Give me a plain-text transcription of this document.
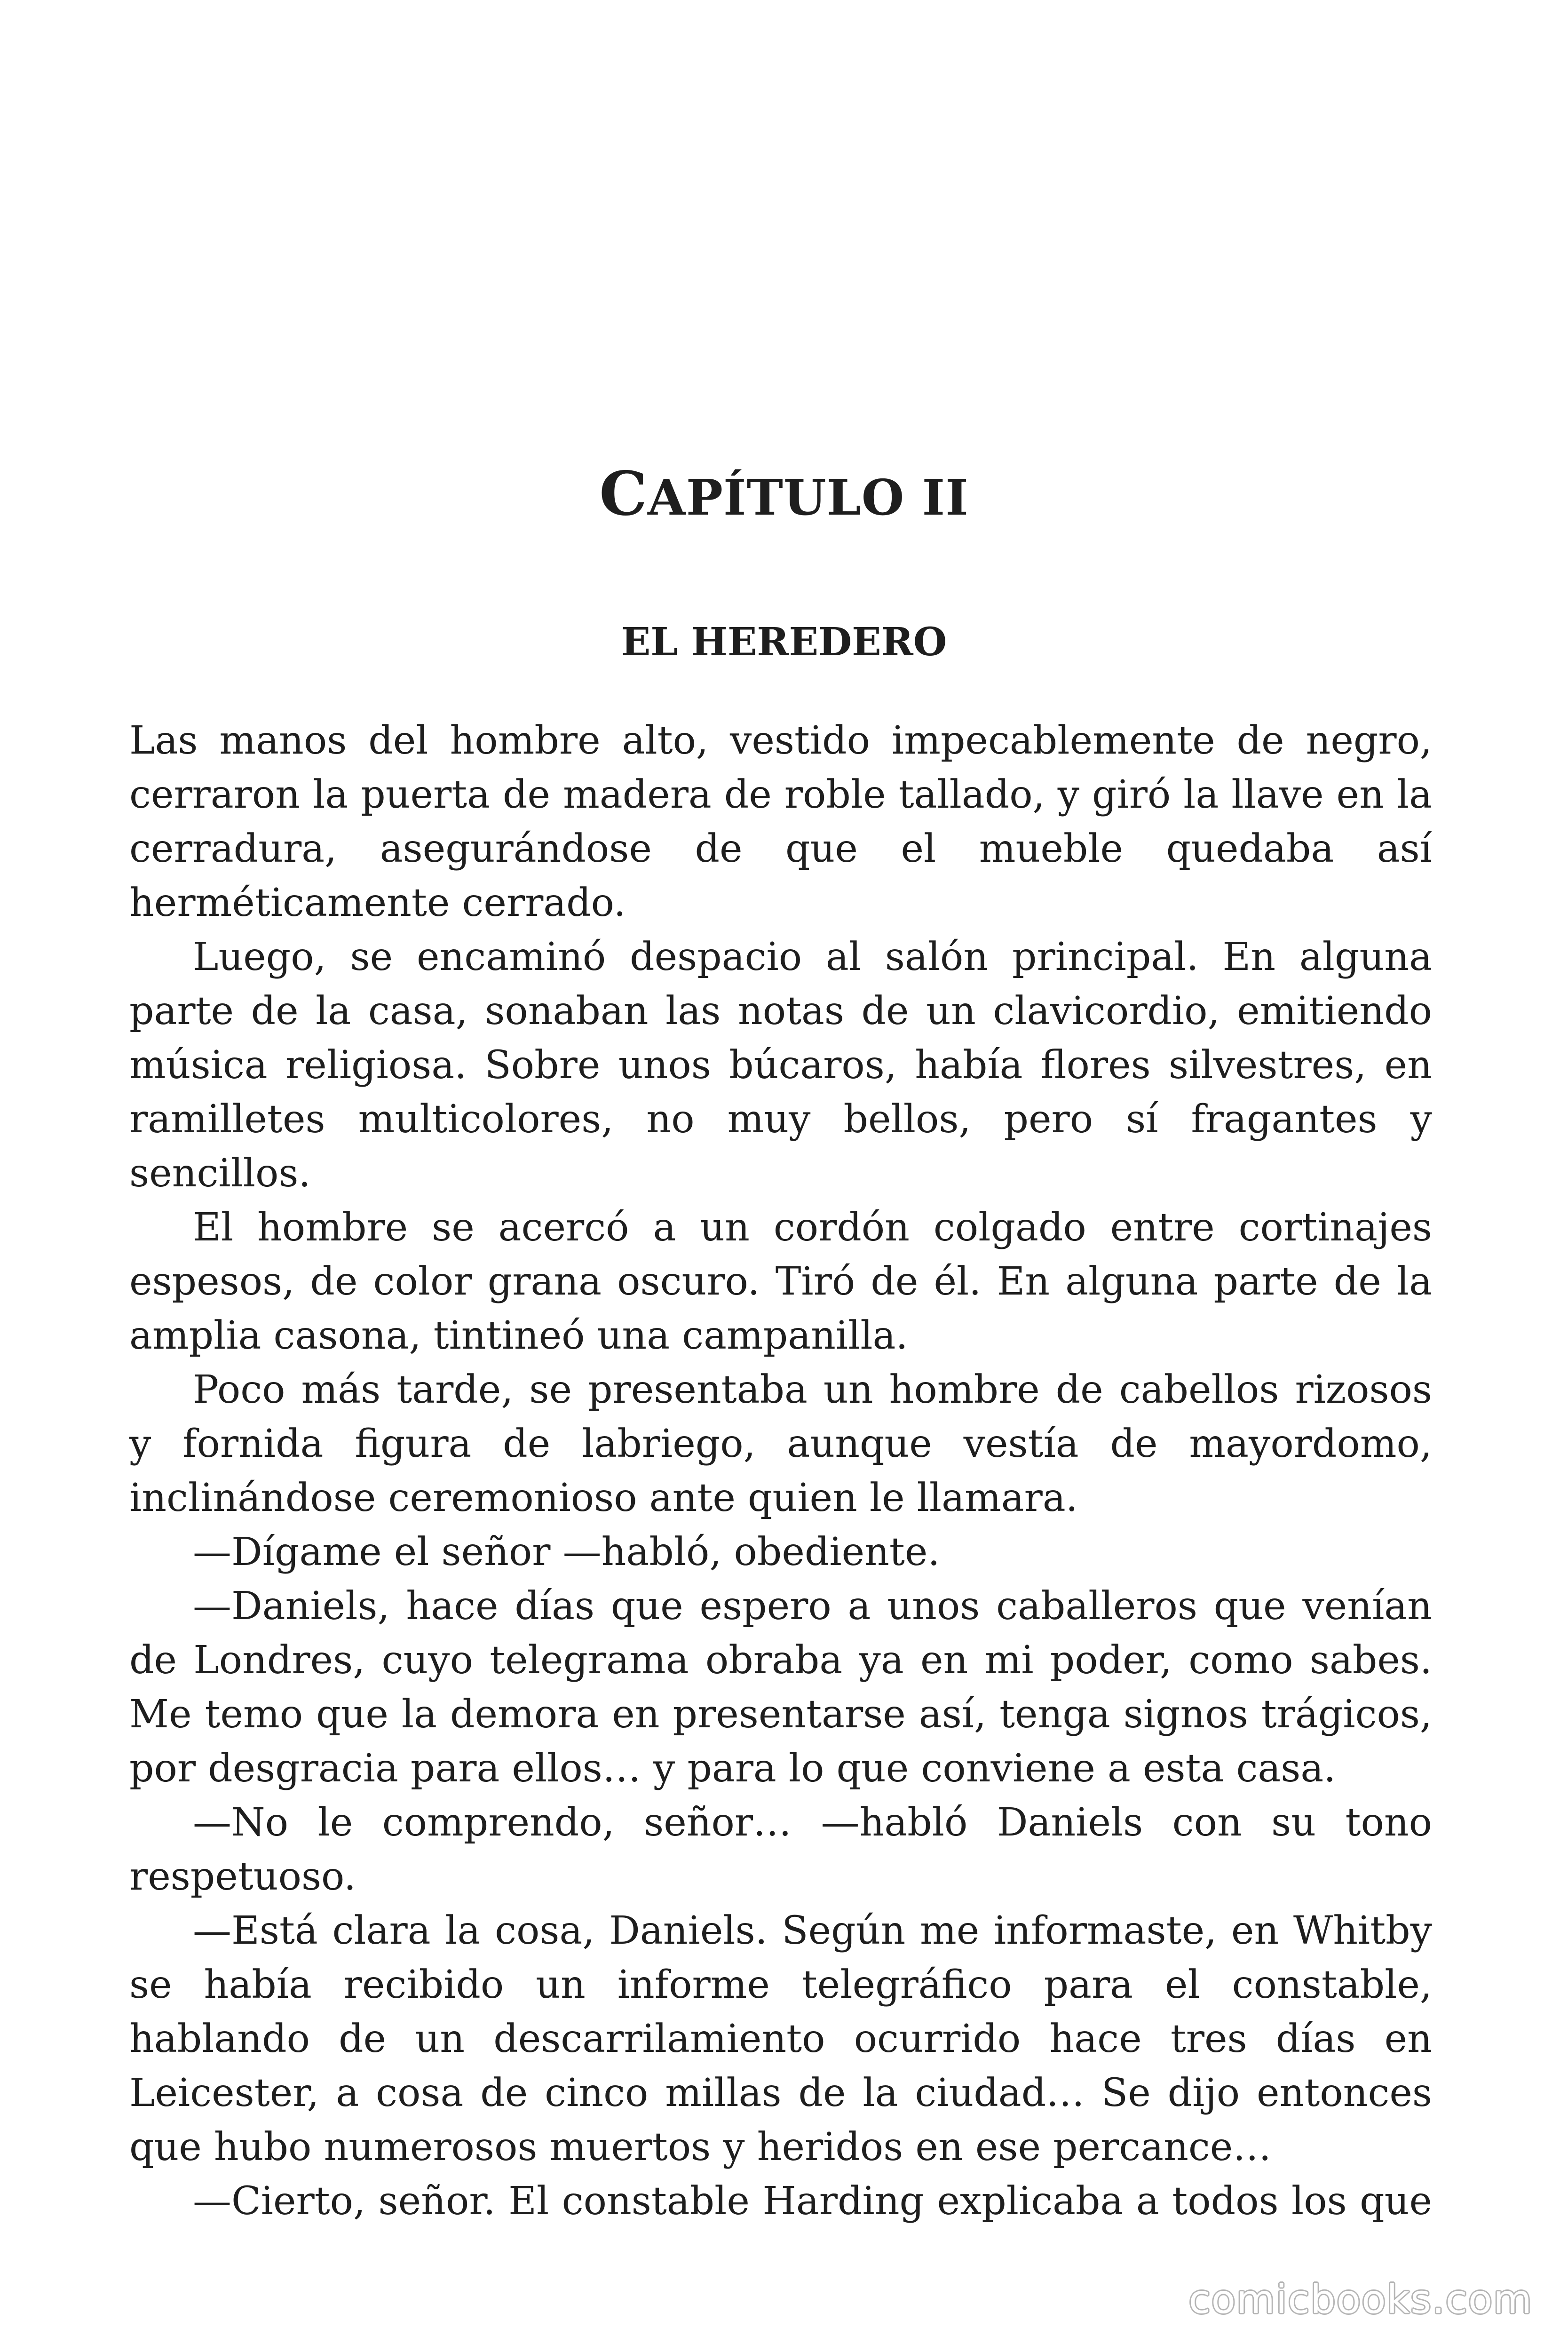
CAPÍTULO II
EL HEREDERO

Las manos del hombre alto, vestido impecablemente de negro, cerraron la puerta de madera de roble tallado, y giró la llave en la cerradura, asegurándose de que el mueble quedaba así herméticamente cerrado.

Luego, se encaminó despacio al salón principal. En alguna parte de la casa, sonaban las notas de un clavicordio, emitiendo música religiosa. Sobre unos búcaros, había flores silvestres, en ramilletes multicolores, no muy bellos, pero sí fragantes y sencillos.

El hombre se acercó a un cordón colgado entre cortinajes espesos, de color grana oscuro. Tiró de él. En alguna parte de la amplia casona, tintineó una campanilla.

Poco más tarde, se presentaba un hombre de cabellos rizosos y fornida figura de labriego, aunque vestía de mayordomo, inclinándose ceremonioso ante quien le llamara.

—Dígame el señor —habló, obediente.

—Daniels, hace días que espero a unos caballeros que venían de Londres, cuyo telegrama obraba ya en mi poder, como sabes. Me temo que la demora en presentarse así, tenga signos trágicos, por desgracia para ellos… y para lo que conviene a esta casa.

—No le comprendo, señor… —habló Daniels con su tono respetuoso.

—Está clara la cosa, Daniels. Según me informaste, en Whitby se había recibido un informe telegráfico para el constable, hablando de un descarrilamiento ocurrido hace tres días en Leicester, a cosa de cinco millas de la ciudad… Se dijo entonces que hubo numerosos muertos y heridos en ese percance…

—Cierto, señor. El constable Harding explicaba a todos los que

comicbooks.com
